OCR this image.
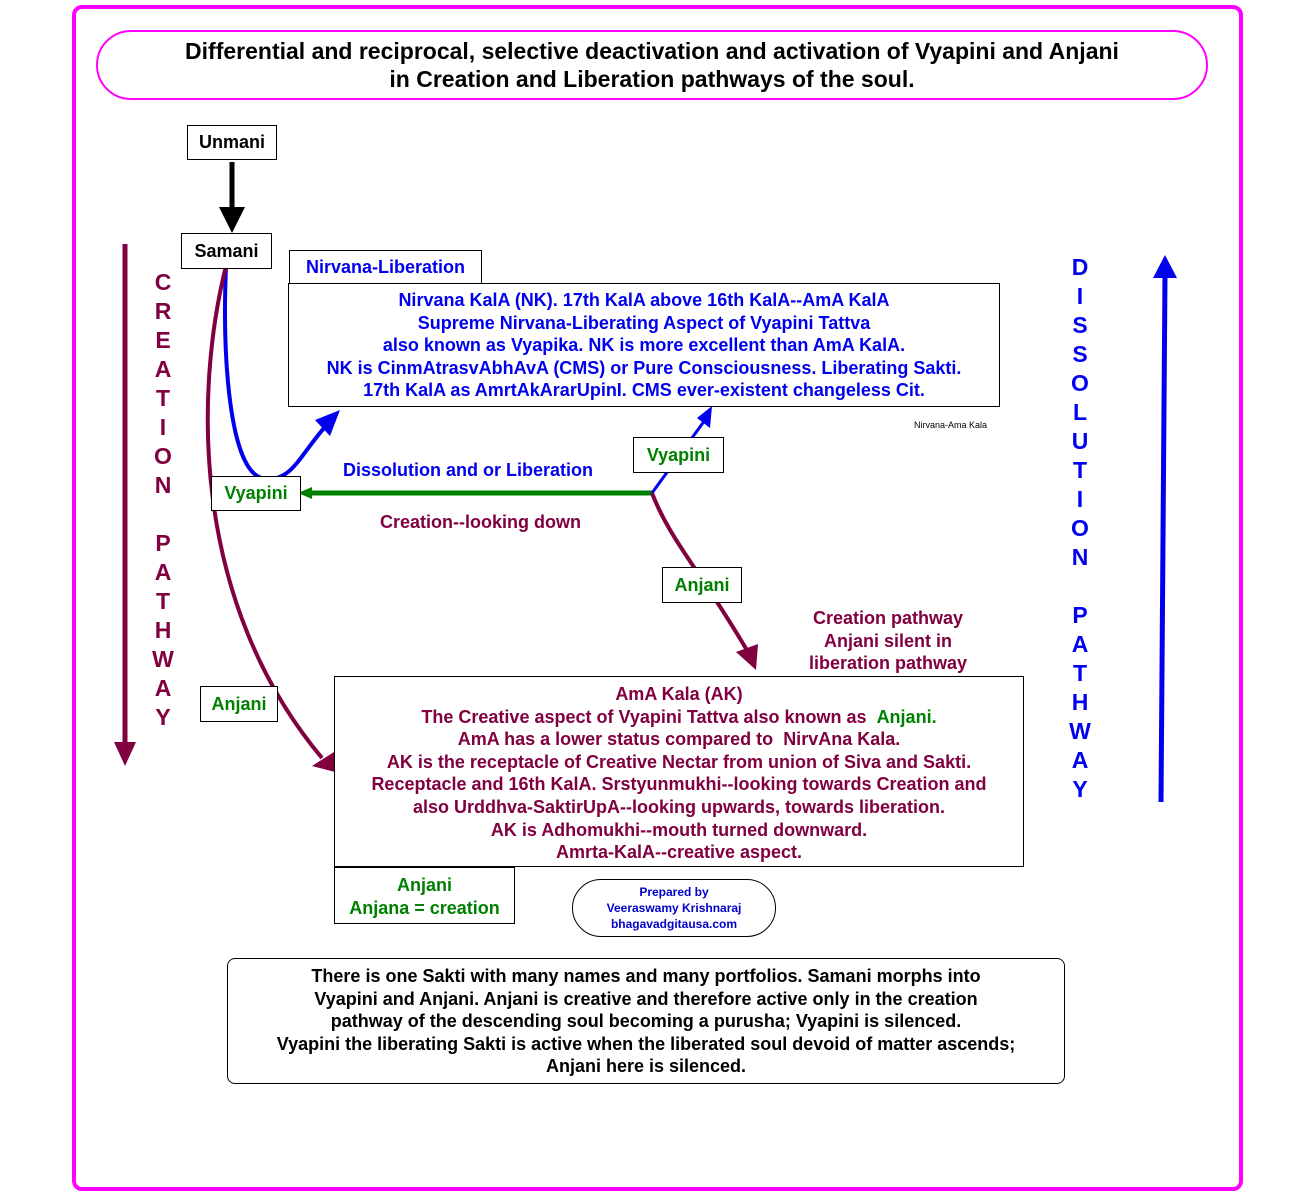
Differential and reciprocal, selective deactivation and activation of Vyapini and Anjani
in Creation and Liberation pathways of the soul.
Unmani
Samani
Nirvana-Liberation
Nirvana KalA (NK). 17th KalA above 16th KalA--AmA KalA
Supreme Nirvana-Liberating Aspect of Vyapini Tattva
also known as Vyapika. NK is more excellent than AmA KalA.
NK is CinmAtrasvAbhAvA (CMS) or Pure Consciousness. Liberating Sakti.
17th KalA as AmrtAkArarUpinI. CMS ever-existent changeless Cit.
Nirvana-Ama Kala
Vyapini
Vyapini
Dissolution and or Liberation
Creation--looking down
Anjani
Creation pathway
Anjani silent in
liberation pathway
Anjani	AmA Kala (AK)
The Creative aspect of Vyapini Tattva also known as Anjani.
AmA has a lower status compared to NirvAna Kala.
AK is the receptacle of Creative Nectar from union of Siva and Sakti.
Receptacle and 16th KalA. Srstyunmukhi--looking towards Creation and
also Urddhva-SaktirUpA--looking upwards, towards liberation.
AK is Adhomukhi--mouth turned downward.
Amrta-KalA--creative aspect.
Anjani
Anjana = creation
C
R
E
A
T
I
O
N

P
A
T
H
W
A
Y
D
I
S
S
O
L
U
T
I
O
N

P
A
T
H
W
A
Y
Prepared by
Veeraswamy Krishnaraj
bhagavadgitausa.com
There is one Sakti with many names and many portfolios. Samani morphs into
Vyapini and Anjani. Anjani is creative and therefore active only in the creation
pathway of the descending soul becoming a purusha; Vyapini is silenced.
Vyapini the liberating Sakti is active when the liberated soul devoid of matter ascends;
Anjani here is silenced.
